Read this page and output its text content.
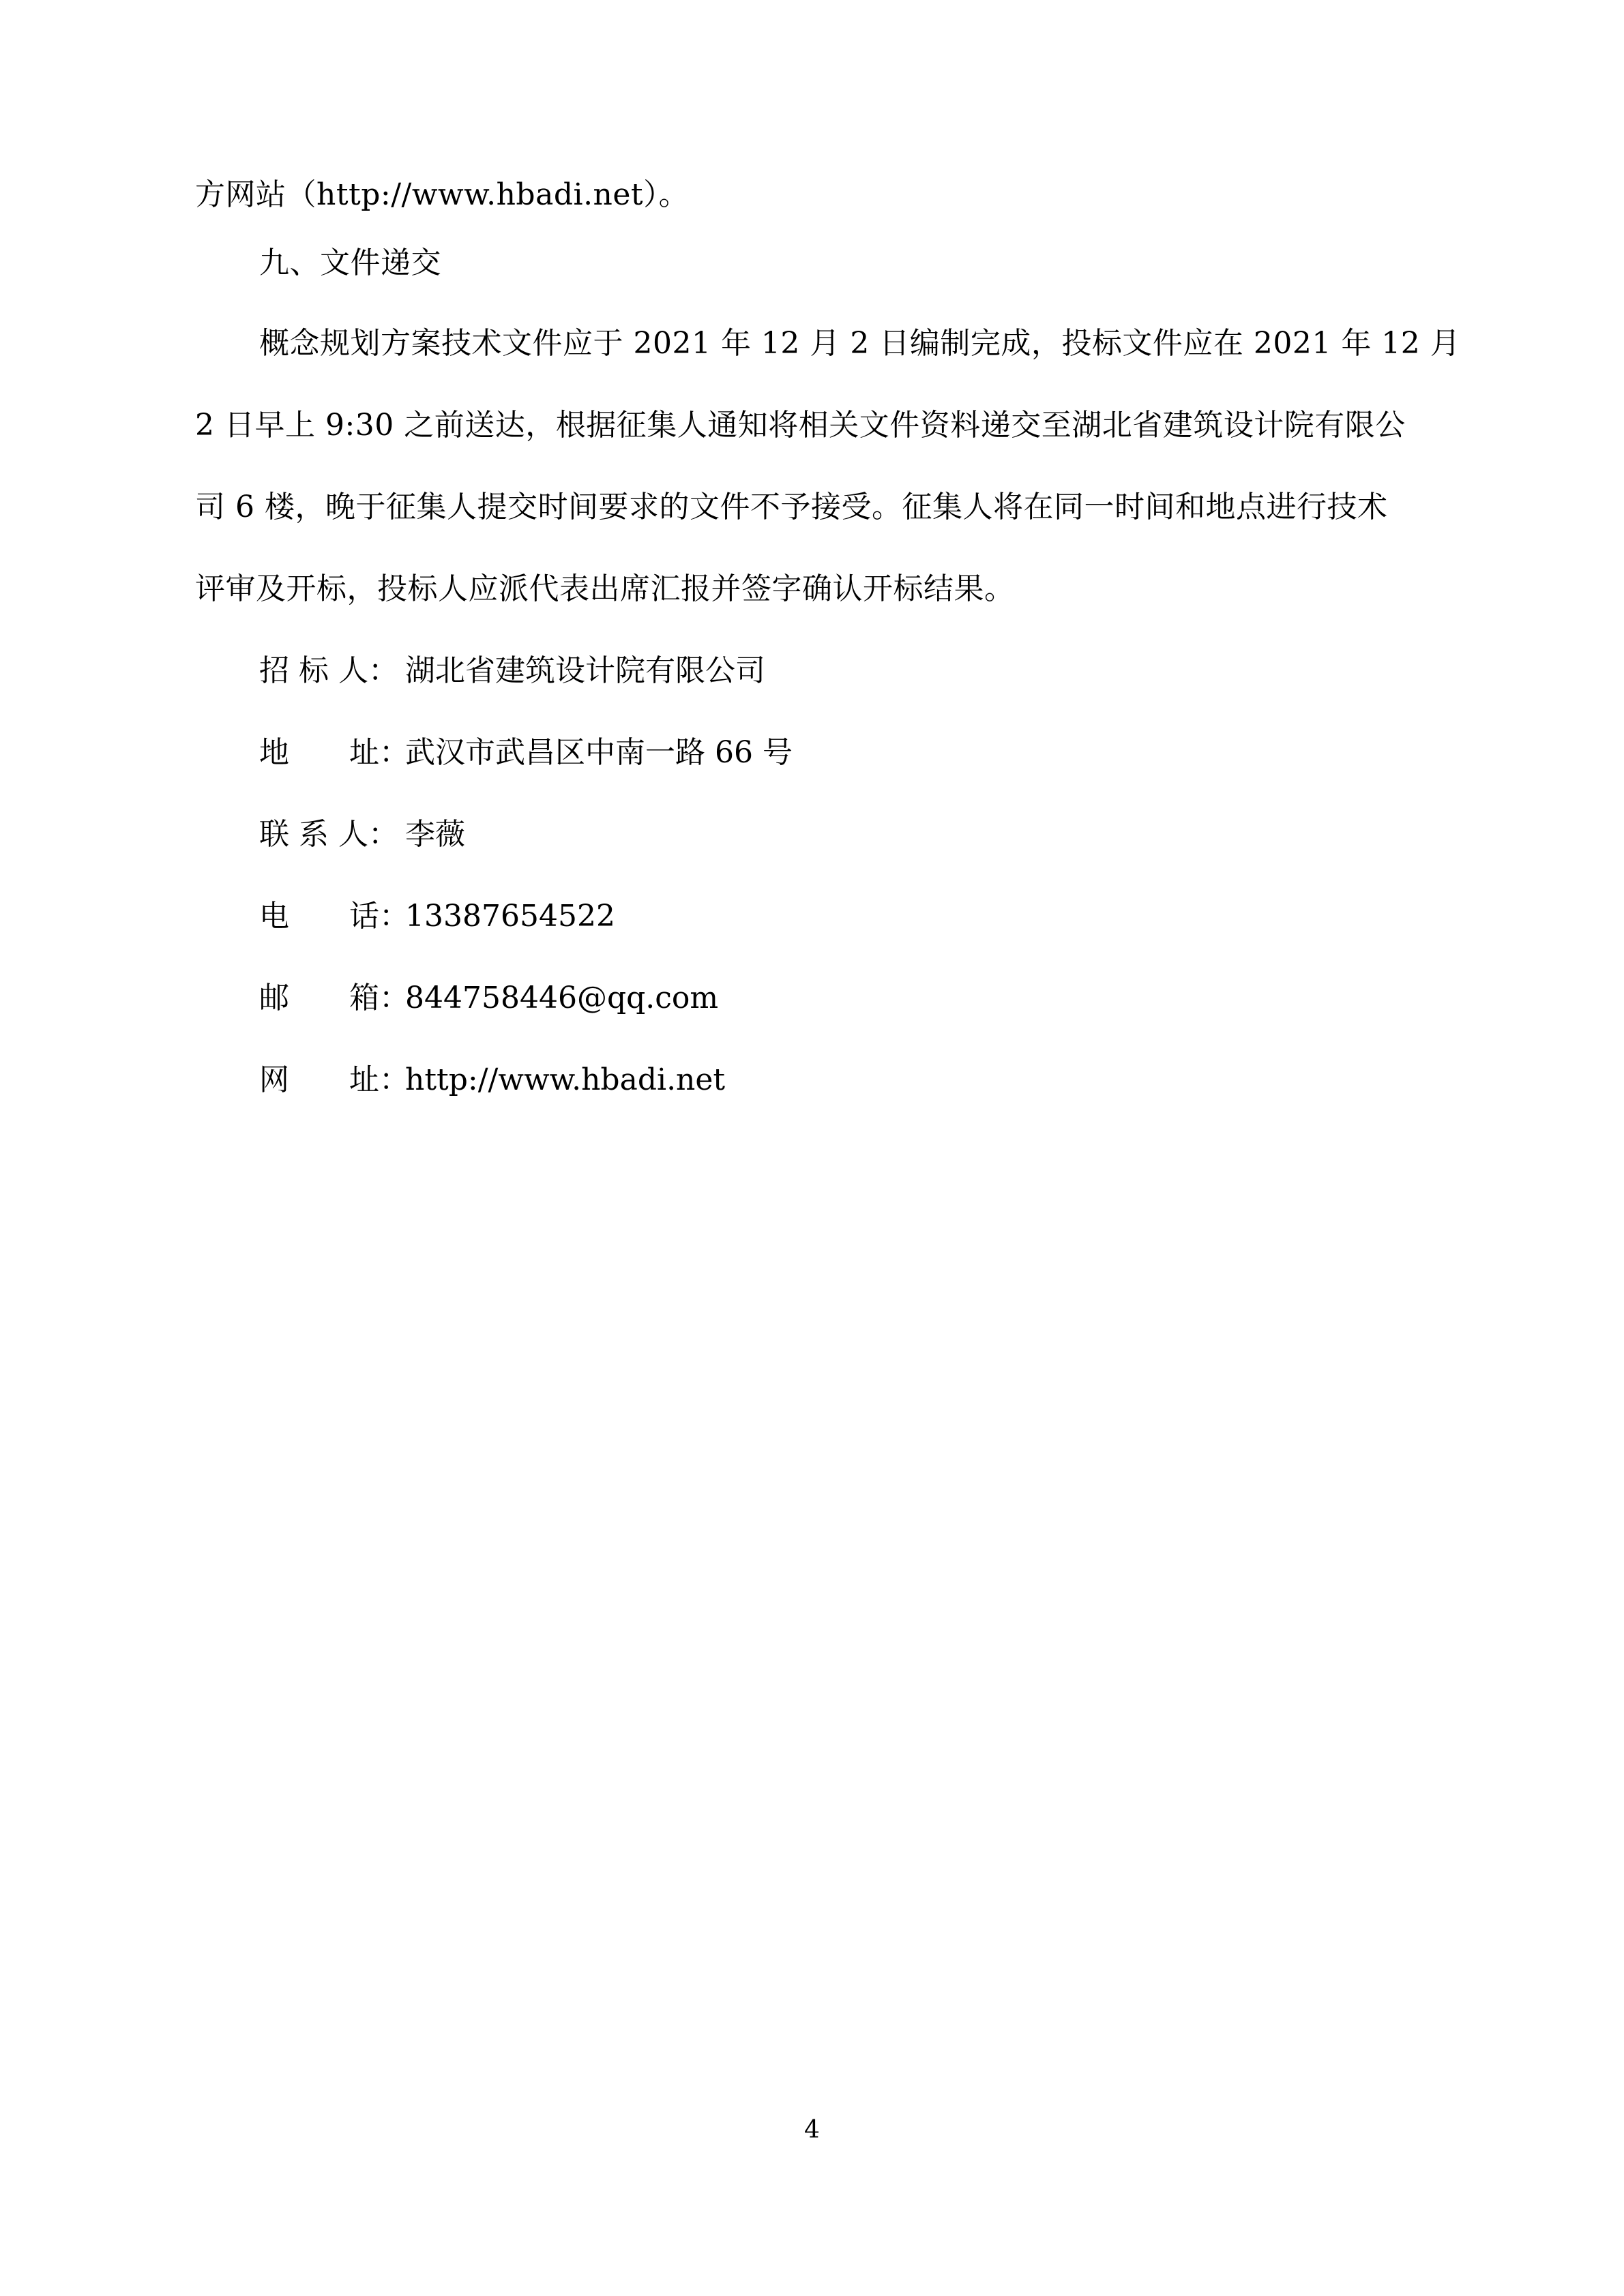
方网站（http://www.hbadi.net）。
九、文件递交
概念规划方案技术文件应于 2021 年 12 月 2 日编制完成，投标文件应在 2021 年 12 月
2 日早上 9:30 之前送达，根据征集人通知将相关文件资料递交至湖北省建筑设计院有限公
司 6 楼，晚于征集人提交时间要求的文件不予接受。征集人将在同一时间和地点进行技术
评审及开标，投标人应派代表出席汇报并签字确认开标结果。
招 标 人： 湖北省建筑设计院有限公司
地　　址：武汉市武昌区中南一路 66 号
联 系 人： 李薇
电　　话：13387654522
邮　　箱：844758446@qq.com
网　　址：http://www.hbadi.net
4
